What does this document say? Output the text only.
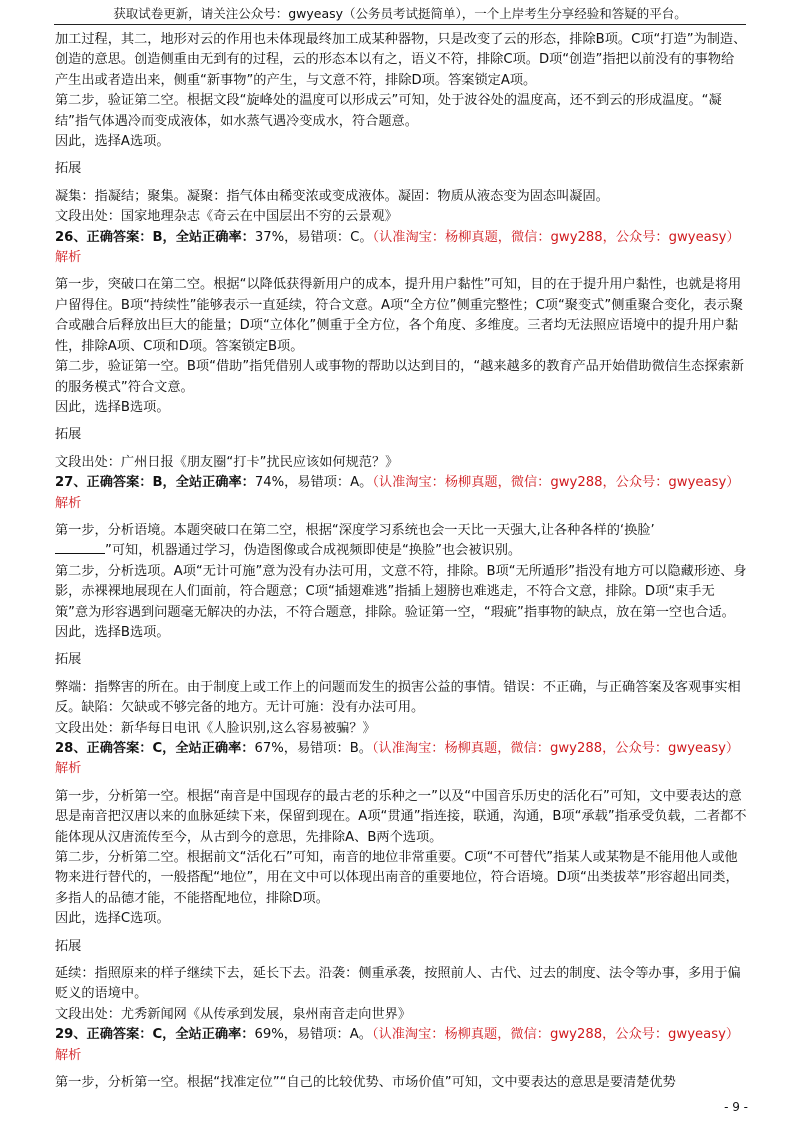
获取试卷更新，请关注公众号：gwyeasy（公务员考试挺简单），一个上岸考生分享经验和答疑的平台。

加工过程，其二，地形对云的作用也未体现最终加工成某种器物，只是改变了云的形态，排除B项。C项“打造”为制造、创造的意思。创造侧重由无到有的过程，云的形态本以有之，语义不符，排除C项。D项“创造”指把以前没有的事物给产生出或者造出来，侧重“新事物”的产生，与文意不符，排除D项。答案锁定A项。

第二步，验证第二空。根据文段“旋峰处的温度可以形成云”可知，处于波谷处的温度高，还不到云的形成温度。“凝结”指气体遇冷而变成液体，如水蒸气遇冷变成水，符合题意。

因此，选择A选项。

拓展

凝集：指凝结；聚集。凝聚：指气体由稀变浓或变成液体。凝固：物质从液态变为固态叫凝固。

文段出处：国家地理杂志《奇云在中国层出不穷的云景观》

26、正确答案：B，全站正确率：37%，易错项：C。（认准淘宝：杨柳真题，微信：gwy288，公众号：gwyeasy）

解析

第一步，突破口在第二空。根据“以降低获得新用户的成本，提升用户黏性”可知，目的在于提升用户黏性，也就是将用户留得住。B项“持续性”能够表示一直延续，符合文意。A项“全方位”侧重完整性；C项“聚变式”侧重聚合变化，表示聚合或融合后释放出巨大的能量；D项“立体化”侧重于全方位，各个角度、多维度。三者均无法照应语境中的提升用户黏性，排除A项、C项和D项。答案锁定B项。

第二步，验证第一空。B项“借助”指凭借别人或事物的帮助以达到目的，“越来越多的教育产品开始借助微信生态探索新的服务模式”符合文意。

因此，选择B选项。

拓展

文段出处：广州日报《朋友圈“打卡”扰民应该如何规范？》

27、正确答案：B，全站正确率：74%，易错项：A。（认准淘宝：杨柳真题，微信：gwy288，公众号：gwyeasy）

解析

第一步，分析语境。本题突破口在第二空，根据“深度学习系统也会一天比一天强大,让各种各样的‘换脸’
”可知，机器通过学习，伪造图像或合成视频即使是“换脸”也会被识别。

第二步，分析选项。A项“无计可施”意为没有办法可用，文意不符，排除。B项“无所遁形”指没有地方可以隐藏形迹、身影，赤裸裸地展现在人们面前，符合题意；C项“插翅难逃”指插上翅膀也难逃走，不符合文意，排除。D项“束手无策”意为形容遇到问题毫无解决的办法，不符合题意，排除。验证第一空，“瑕疵”指事物的缺点，放在第一空也合适。

因此，选择B选项。

拓展

弊端：指弊害的所在。由于制度上或工作上的问题而发生的损害公益的事情。错误：不正确，与正确答案及客观事实相反。缺陷：欠缺或不够完备的地方。无计可施：没有办法可用。

文段出处：新华每日电讯《人脸识别,这么容易被骗？》

28、正确答案：C，全站正确率：67%，易错项：B。（认准淘宝：杨柳真题，微信：gwy288，公众号：gwyeasy）

解析

第一步，分析第一空。根据“南音是中国现存的最古老的乐种之一”以及“中国音乐历史的活化石”可知，文中要表达的意思是南音把汉唐以来的血脉延续下来，保留到现在。A项“贯通”指连接，联通，沟通，B项“承载”指承受负载，二者都不能体现从汉唐流传至今，从古到今的意思，先排除A、B两个选项。

第二步，分析第二空。根据前文“活化石”可知，南音的地位非常重要。C项“不可替代”指某人或某物是不能用他人或他物来进行替代的，一般搭配“地位”，用在文中可以体现出南音的重要地位，符合语境。D项“出类拔萃”形容超出同类，多指人的品德才能，不能搭配地位，排除D项。

因此，选择C选项。

拓展

延续：指照原来的样子继续下去，延长下去。沿袭：侧重承袭，按照前人、古代、过去的制度、法令等办事，多用于偏贬义的语境中。

文段出处：尤秀新闻网《从传承到发展，泉州南音走向世界》

29、正确答案：C，全站正确率：69%，易错项：A。（认准淘宝：杨柳真题，微信：gwy288，公众号：gwyeasy）

解析

第一步，分析第一空。根据“找准定位”“自己的比较优势、市场价值”可知，文中要表达的意思是要清楚优势

- 9 -
